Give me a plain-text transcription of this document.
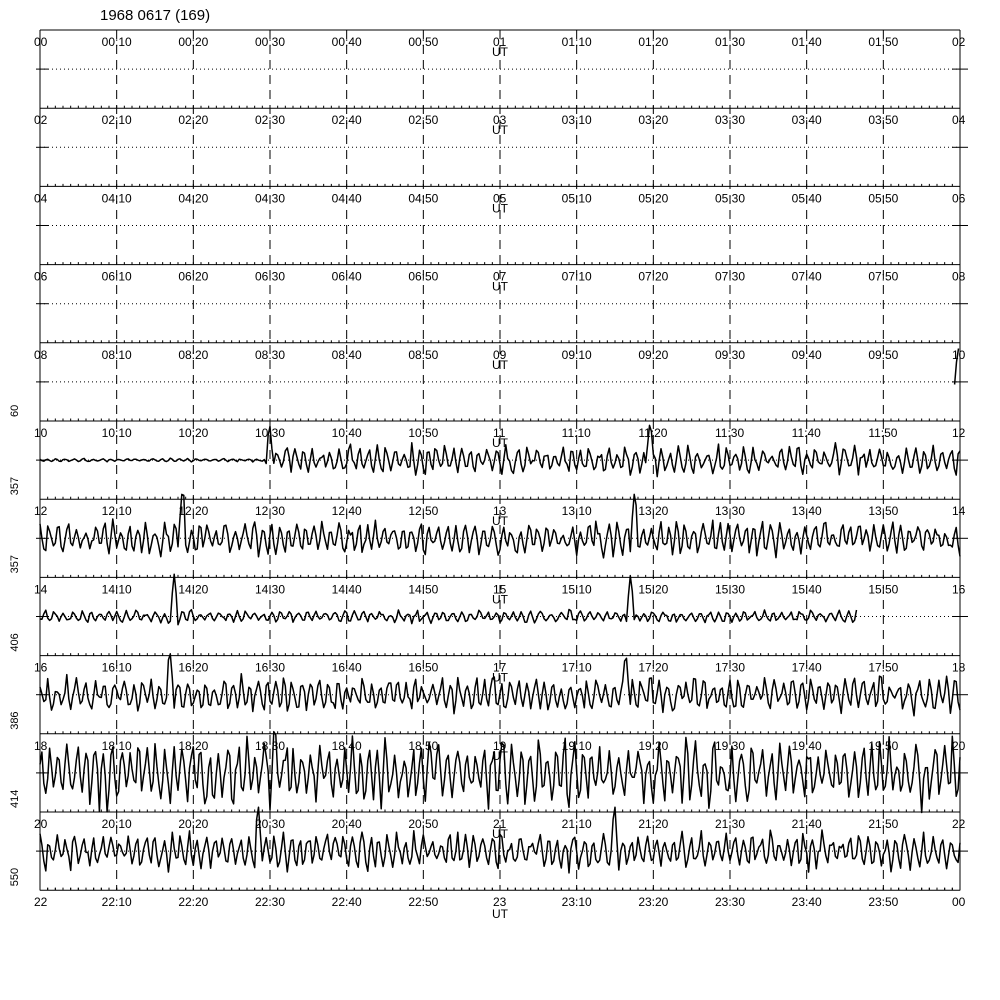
1968 0617 (169)
00	00:10	00:20	00:30	00:40	00:50	01	01:10	01:20	01:30	01:40	01:50	02
UT
02	02:10	02:20	02:30	02:40	02:50	03	03:10	03:20	03:30	03:40	03:50	04
UT
04	04:10	04:20	04:30	04:40	04:50	05	05:10	05:20	05:30	05:40	05:50	06
UT
06	06:10	06:20	06:30	06:40	06:50	07	07:10	07:20	07:30	07:40	07:50	08
UT
08	08:10	08:20	08:30	08:40	08:50	09	09:10	09:20	09:30	09:40	09:50	10
UT
10	10:10	10:20	10:30	10:40	10:50	11	11:10	11:20	11:30	11:40	11:50	12
UT
12	12:10	12:20	12:30	12:40	12:50	13	13:10	13:20	13:30	13:40	13:50	14
UT
14	14:10	14:20	14:30	14:40	14:50	15	15:10	15:20	15:30	15:40	15:50	16
UT
16	16:10	16:20	16:30	16:40	16:50	17	17:10	17:20	17:30	17:40	17:50	18
UT
18	18:10	18:20	18:30	18:40	18:50	19	19:10	19:20	19:30	19:40	19:50	20
UT
20	20:10	20:20	20:30	20:40	20:50	21	21:10	21:20	21:30	21:40	21:50	22
UT
22	22:10	22:20	22:30	22:40	22:50	23	23:10	23:20	23:30	23:40	23:50	00
UT
60
357
357
406
386
414
550
